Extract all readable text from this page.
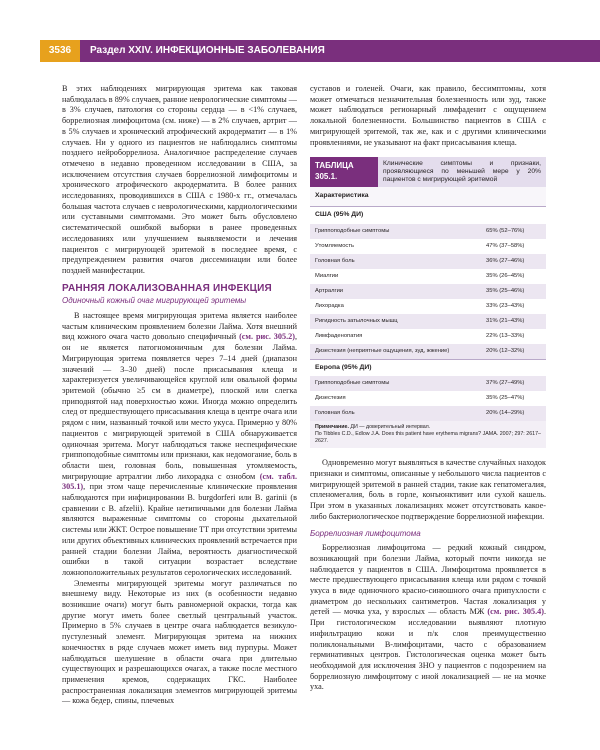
3536	Раздел XXIV. ИНФЕКЦИОННЫЕ ЗАБОЛЕВАНИЯ

В этих наблюдениях мигрирующая эритема как таковая наблюдалась в 89% случаев, ранние неврологические симптомы — в 3% случаев, патология со стороны сердца — в <1% случаев, боррелиозная лимфоцитома (см. ниже) — в 2% случаев, артрит — в 5% случаев и хронический атрофический акродерматит — в 1% случаев. Ни у одного из пациентов не наблюдались симптомы позднего нейроборрелиоза. Аналогичное распределение случаев отмечено в недавно проведенном исследовании в США, за исключением отсутствия случаев боррелиозной лимфоцитомы и хронического атрофического акродерматита. В более ранних исследованиях, проводившихся в США с 1980-х гг., отмечалась большая частота случаев с неврологическими, кардиологическими или суставными симптомами. Это может быть обусловлено систематической ошибкой выборки в ранее проведенных исследованиях или улучшением выявляемости и лечения пациентов с мигрирующей эритемой в последнее время, с предупреждением развития очагов диссеминации или более поздней манифестации.

РАННЯЯ ЛОКАЛИЗОВАННАЯ ИНФЕКЦИЯ
Одиночный кожный очаг мигрирующей эритемы

В настоящее время мигрирующая эритема является наиболее частым клиническим проявлением болезни Лайма. Хотя внешний вид кожного очага часто довольно специфичный (см. рис. 305.2), он не является патогномоничным для болезни Лайма. Мигрирующая эритема появляется через 7–14 дней (диапазон значений — 3–30 дней) после присасывания клеща и характеризуется увеличивающейся круглой или овальной формы эритемой (обычно ≥5 см в диаметре), плоской или слегка приподнятой над поверхностью кожи. Иногда можно определить след от предшествующего присасывания клеща в центре очага или рядом с ним, названный точкой или место укуса. Примерно у 80% пациентов с мигрирующей эритемой в США обнаруживается одиночная эритема. Могут наблюдаться также неспецифические гриппоподобные симптомы или признаки, как недомогание, боль в области шеи, головная боль, повышенная утомляемость, мигрирующие артралгии либо лихорадка с ознобом (см. табл. 305.1), при этом чаще перечисленные клинические проявления наблюдаются при инфицировании B. burgdorferi или B. garinii (в сравнении с B. afzelii). Крайне нетипичными для болезни Лайма являются выраженные симптомы со стороны дыхательной системы или ЖКТ. Острое повышение ТТ при отсутствии эритемы или других объективных клинических проявлений встречается при ранней стадии болезни Лайма, вероятность диагностической ошибки в такой ситуации возрастает вследствие ложноположительных результатов серологических исследований.

Элементы мигрирующей эритемы могут различаться по внешнему виду. Некоторые из них (в особенности недавно возникшие очаги) могут быть равномерной окраски, тогда как другие могут иметь более светлый центральный участок. Примерно в 5% случаев в центре очага наблюдается везикуло-пустулезный элемент. Мигрирующая эритема на нижних конечностях в ряде случаев может иметь вид пурпуры. Может наблюдаться шелушение в области очага при длительно существующих и разрешающихся очагах, а также после местного применения кремов, содержащих ГКС. Наиболее распространенная локализация элементов мигрирующей эритемы — кожа бедер, спины, плечевых

суставов и голеней. Очаги, как правило, бессимптомны, хотя может отмечаться незначительная болезненность или зуд, также может наблюдаться регионарный лимфаденит с ощущением локальной болезненности. Большинство пациентов в США с мигрирующей эритемой, так же, как и с другими клиническими проявлениями, не указывают на факт присасывания клеща.

ТАБЛИЦА 305.1.
Клинические симптомы и признаки, проявляющиеся по меньшей мере у 20% пациентов с мигрирующей эритемой
Характеристика
США (95% ДИ)
Гриппоподобные симптомы	65% (52–76%)
Утомляемость	47% (37–58%)
Головная боль	36% (27–46%)
Миалгии	35% (26–45%)
Артралгии	35% (25–46%)
Лихорадка	33% (23–43%)
Ригидность затылочных мышц	31% (21–43%)
Лимфаденопатия	22% (13–33%)
Дизестезия (неприятные ощущения, зуд, жжение)	20% (12–32%)
Европа (95% ДИ)
Гриппоподобные симптомы	37% (27–49%)
Дизестезия	35% (25–47%)
Головная боль	20% (14–29%)
Примечание. ДИ — доверительный интервал.
По Tibbles C.D., Edlow J.A. Does this patient have erythema migrans? JAMA. 2007; 297: 2617–2627.

Одновременно могут выявляться в качестве случайных находок признаки и симптомы, описанные у небольшого числа пациентов с мигрирующей эритемой в ранней стадии, такие как гепатомегалия, спленомегалия, боль в горле, конъюнктивит или сухой кашель. При этом в указанных локализациях может отсутствовать какое-либо бактериологическое подтверждение боррелиозной инфекции.

Боррелиозная лимфоцитома

Боррелиозная лимфоцитома — редкий кожный синдром, возникающий при болезни Лайма, который почти никогда не наблюдается у пациентов в США. Лимфоцитома проявляется в месте предшествующего присасывания клеща или рядом с точкой укуса в виде одиночного красно-синюшного очага припухлости с диаметром до нескольких сантиметров. Частая локализация у детей — мочка уха, у взрослых — область МЖ (см. рис. 305.4). При гистологическом исследовании выявляют плотную инфильтрацию кожи и п/к слоя преимущественно поликлональными В-лимфоцитами, часто с образованием герминативных центров. Гистологическая оценка может быть необходимой для исключения ЗНО у пациентов с подозрением на боррелиозную лимфоцитому с иной локализацией — не на мочке уха.
